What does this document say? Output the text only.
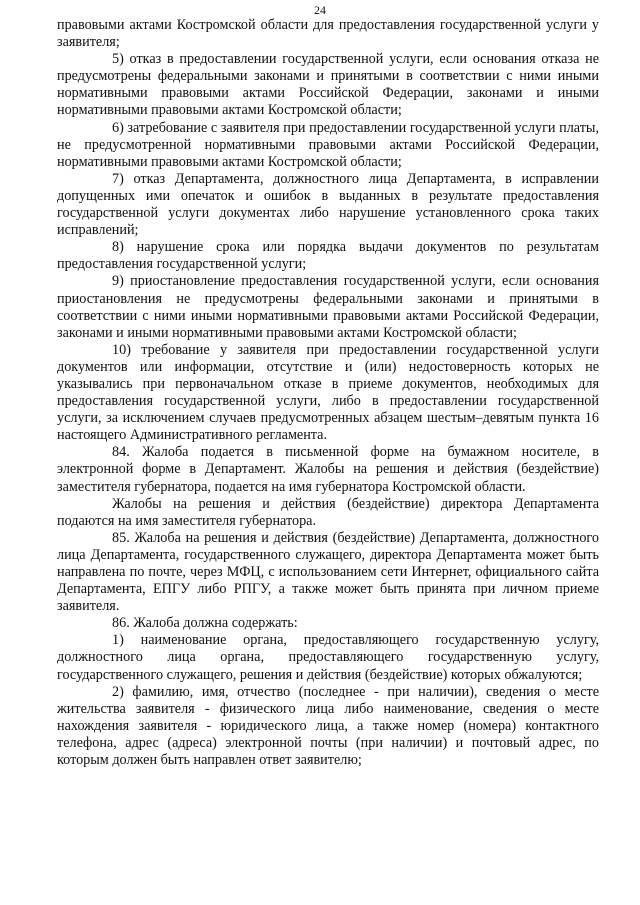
24

правовыми актами Костромской области для предоставления государственной услуги у заявителя;

5) отказ в предоставлении государственной услуги, если основания отказа не предусмотрены федеральными законами и принятыми в соответствии с ними иными нормативными правовыми актами Российской Федерации, законами и иными нормативными правовыми актами Костромской области;

6) затребование с заявителя при предоставлении государственной услуги платы, не предусмотренной нормативными правовыми актами Российской Федерации, нормативными правовыми актами Костромской области;

7) отказ Департамента, должностного лица Департамента, в исправлении допущенных ими опечаток и ошибок в выданных в результате предоставления государственной услуги документах либо нарушение установленного срока таких исправлений;

8) нарушение срока или порядка выдачи документов по результатам предоставления государственной услуги;

9) приостановление предоставления государственной услуги, если основания приостановления не предусмотрены федеральными законами и принятыми в соответствии с ними иными нормативными правовыми актами Российской Федерации, законами и иными нормативными правовыми актами Костромской области;

10) требование у заявителя при предоставлении государственной услуги документов или информации, отсутствие и (или) недостоверность которых не указывались при первоначальном отказе в приеме документов, необходимых для предоставления государственной услуги, либо в предоставлении государственной услуги, за исключением случаев предусмотренных абзацем шестым–девятым пункта 16 настоящего Административного регламента.

84. Жалоба подается в письменной форме на бумажном носителе, в электронной форме в Департамент. Жалобы на решения и действия (бездействие) заместителя губернатора, подается на имя губернатора Костромской области.

Жалобы на решения и действия (бездействие) директора Департамента подаются на имя заместителя губернатора.

85. Жалоба на решения и действия (бездействие) Департамента, должностного лица Департамента, государственного служащего, директора Департамента может быть направлена по почте, через МФЦ, с использованием сети Интернет, официального сайта Департамента, ЕПГУ либо РПГУ, а также может быть принята при личном приеме заявителя.

86. Жалоба должна содержать:

1) наименование органа, предоставляющего государственную услугу, должностного лица органа, предоставляющего государственную услугу, государственного служащего, решения и действия (бездействие) которых обжалуются;

2) фамилию, имя, отчество (последнее - при наличии), сведения о месте жительства заявителя - физического лица либо наименование, сведения о месте нахождения заявителя - юридического лица, а также номер (номера) контактного телефона, адрес (адреса) электронной почты (при наличии) и почтовый адрес, по которым должен быть направлен ответ заявителю;
